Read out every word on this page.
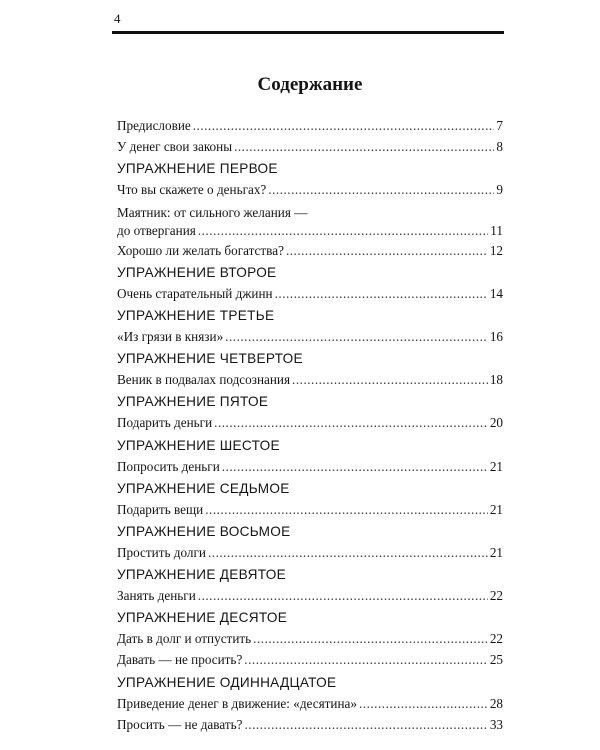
4
Содержание
Предисловие .....	7
У денег свои законы .....	8
УПРАЖНЕНИЕ ПЕРВОЕ
Что вы скажете о деньгах? .....	9
Маятник: от сильного желания —
до отвергания .....	11
Хорошо ли желать богатства? .....	12
УПРАЖНЕНИЕ ВТОРОЕ
Очень старательный джинн .....	14
УПРАЖНЕНИЕ ТРЕТЬЕ
«Из грязи в князи» .....	16
УПРАЖНЕНИЕ ЧЕТВЕРТОЕ
Веник в подвалах подсознания .....	18
УПРАЖНЕНИЕ ПЯТОЕ
Подарить деньги .....	20
УПРАЖНЕНИЕ ШЕСТОЕ
Попросить деньги .....	21
УПРАЖНЕНИЕ СЕДЬМОЕ
Подарить вещи .....	21
УПРАЖНЕНИЕ ВОСЬМОЕ
Простить долги .....	21
УПРАЖНЕНИЕ ДЕВЯТОЕ
Занять деньги .....	22
УПРАЖНЕНИЕ ДЕСЯТОЕ
Дать в долг и отпустить .....	22
Давать — не просить? .....	25
УПРАЖНЕНИЕ ОДИННАДЦАТОЕ
Приведение денег в движение: «десятина» .....	28
Просить — не давать? .....	33
